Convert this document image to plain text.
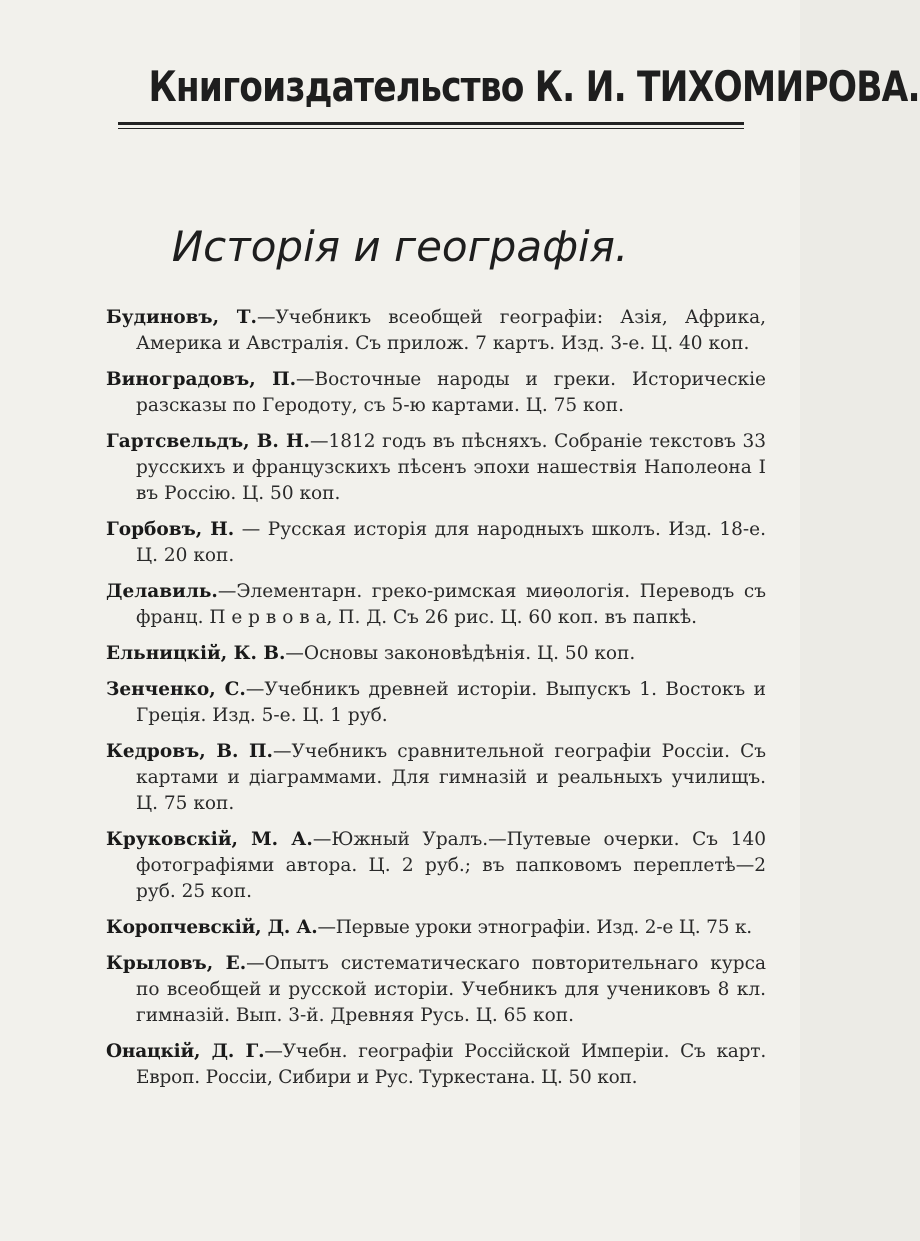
Книгоиздательство К. И. ТИХОМИРОВА.
Исторія и географія.

Будиновъ, Т.—Учебникъ всеобщей географіи: Азія, Африка, Америка и Австралія. Съ прилож. 7 картъ. Изд. 3-е. Ц. 40 коп.

Виноградовъ, П.—Восточные народы и греки. Историческіе разсказы по Геродоту, съ 5-ю картами. Ц. 75 коп.

Гартсвельдъ, В. Н.—1812 годъ въ пѣсняхъ. Собраніе текстовъ 33 русскихъ и французскихъ пѣсенъ эпохи нашествія Наполеона I въ Россію. Ц. 50 коп.

Горбовъ, Н. — Русская исторія для народныхъ школъ. Изд. 18-е. Ц. 20 коп.

Делавиль.—Элементарн. греко-римская миѳологія. Переводъ съ франц. П е р в о в а, П. Д. Съ 26 рис. Ц. 60 коп. въ папкѣ.

Ельницкій, К. В.—Основы законовѣдѣнія. Ц. 50 коп.

Зенченко, С.—Учебникъ древней исторіи. Выпускъ 1. Востокъ и Греція. Изд. 5-е. Ц. 1 руб.

Кедровъ, В. П.—Учебникъ сравнительной географіи Россіи. Съ картами и діаграммами. Для гимназій и реальныхъ училищъ. Ц. 75 коп.

Круковскій, М. А.—Южный Уралъ.—Путевые очерки. Съ 140 фотографіями автора. Ц. 2 руб.; въ папковомъ переплетѣ—2 руб. 25 коп.

Коропчевскій, Д. А.—Первые уроки этнографіи. Изд. 2-е Ц. 75 к.

Крыловъ, Е.—Опытъ систематическаго повторительнаго курса по всеобщей и русской исторіи. Учебникъ для учениковъ 8 кл. гимназій. Вып. 3-й. Древняя Русь. Ц. 65 коп.

Онацкій, Д. Г.—Учебн. географіи Россійской Имперіи. Съ карт. Европ. Россіи, Сибири и Рус. Туркестана. Ц. 50 коп.
